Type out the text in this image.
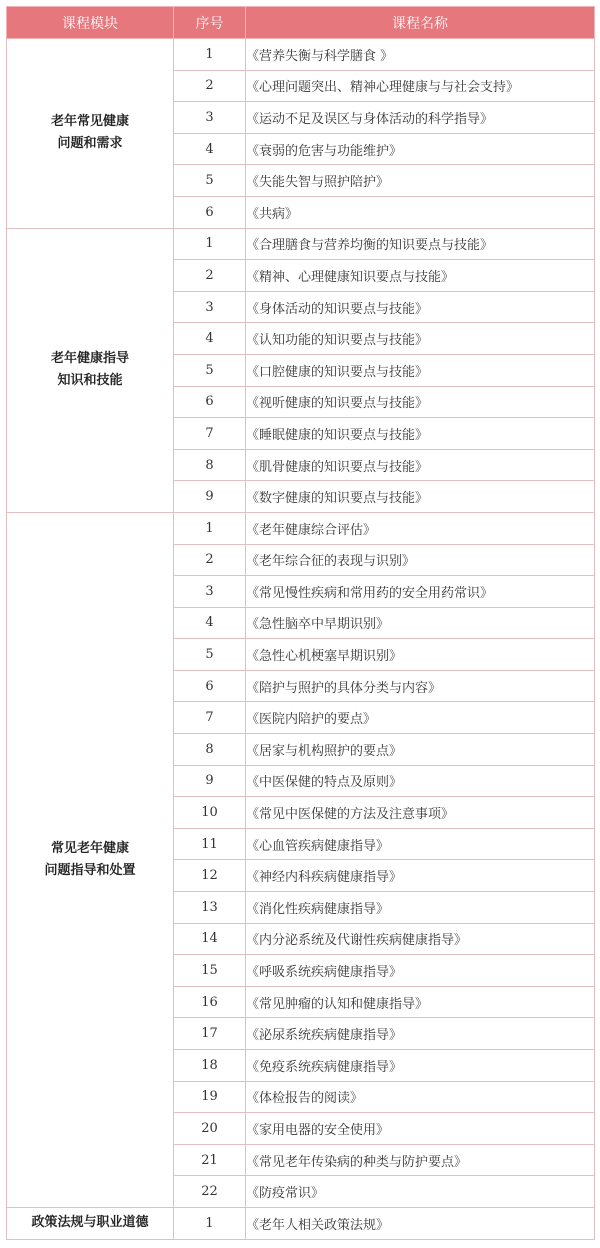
课程模块	序号	课程名称

老年常见健康
问题和需求	1	《营养失衡与科学膳食 》
	2	《心理问题突出、精神心理健康与与社会支持》
	3	《运动不足及误区与身体活动的科学指导》
	4	《衰弱的危害与功能维护》
	5	《失能失智与照护陪护》
	6	《共病》

老年健康指导
知识和技能	1	《合理膳食与营养均衡的知识要点与技能》
	2	《精神、心理健康知识要点与技能》
	3	《身体活动的知识要点与技能》
	4	《认知功能的知识要点与技能》
	5	《口腔健康的知识要点与技能》
	6	《视听健康的知识要点与技能》
	7	《睡眠健康的知识要点与技能》
	8	《肌骨健康的知识要点与技能》
	9	《数字健康的知识要点与技能》

常见老年健康
问题指导和处置	1	《老年健康综合评估》
	2	《老年综合征的表现与识别》
	3	《常见慢性疾病和常用药的安全用药常识》
	4	《急性脑卒中早期识别》
	5	《急性心机梗塞早期识别》
	6	《陪护与照护的具体分类与内容》
	7	《医院内陪护的要点》
	8	《居家与机构照护的要点》
	9	《中医保健的特点及原则》
	10	《常见中医保健的方法及注意事项》
	11	《心血管疾病健康指导》
	12	《神经内科疾病健康指导》
	13	《消化性疾病健康指导》
	14	《内分泌系统及代谢性疾病健康指导》
	15	《呼吸系统疾病健康指导》
	16	《常见肿瘤的认知和健康指导》
	17	《泌尿系统疾病健康指导》
	18	《免疫系统疾病健康指导》
	19	《体检报告的阅读》
	20	《家用电器的安全使用》
	21	《常见老年传染病的种类与防护要点》
	22	《防疫常识》

政策法规与职业道德	1	《老年人相关政策法规》
